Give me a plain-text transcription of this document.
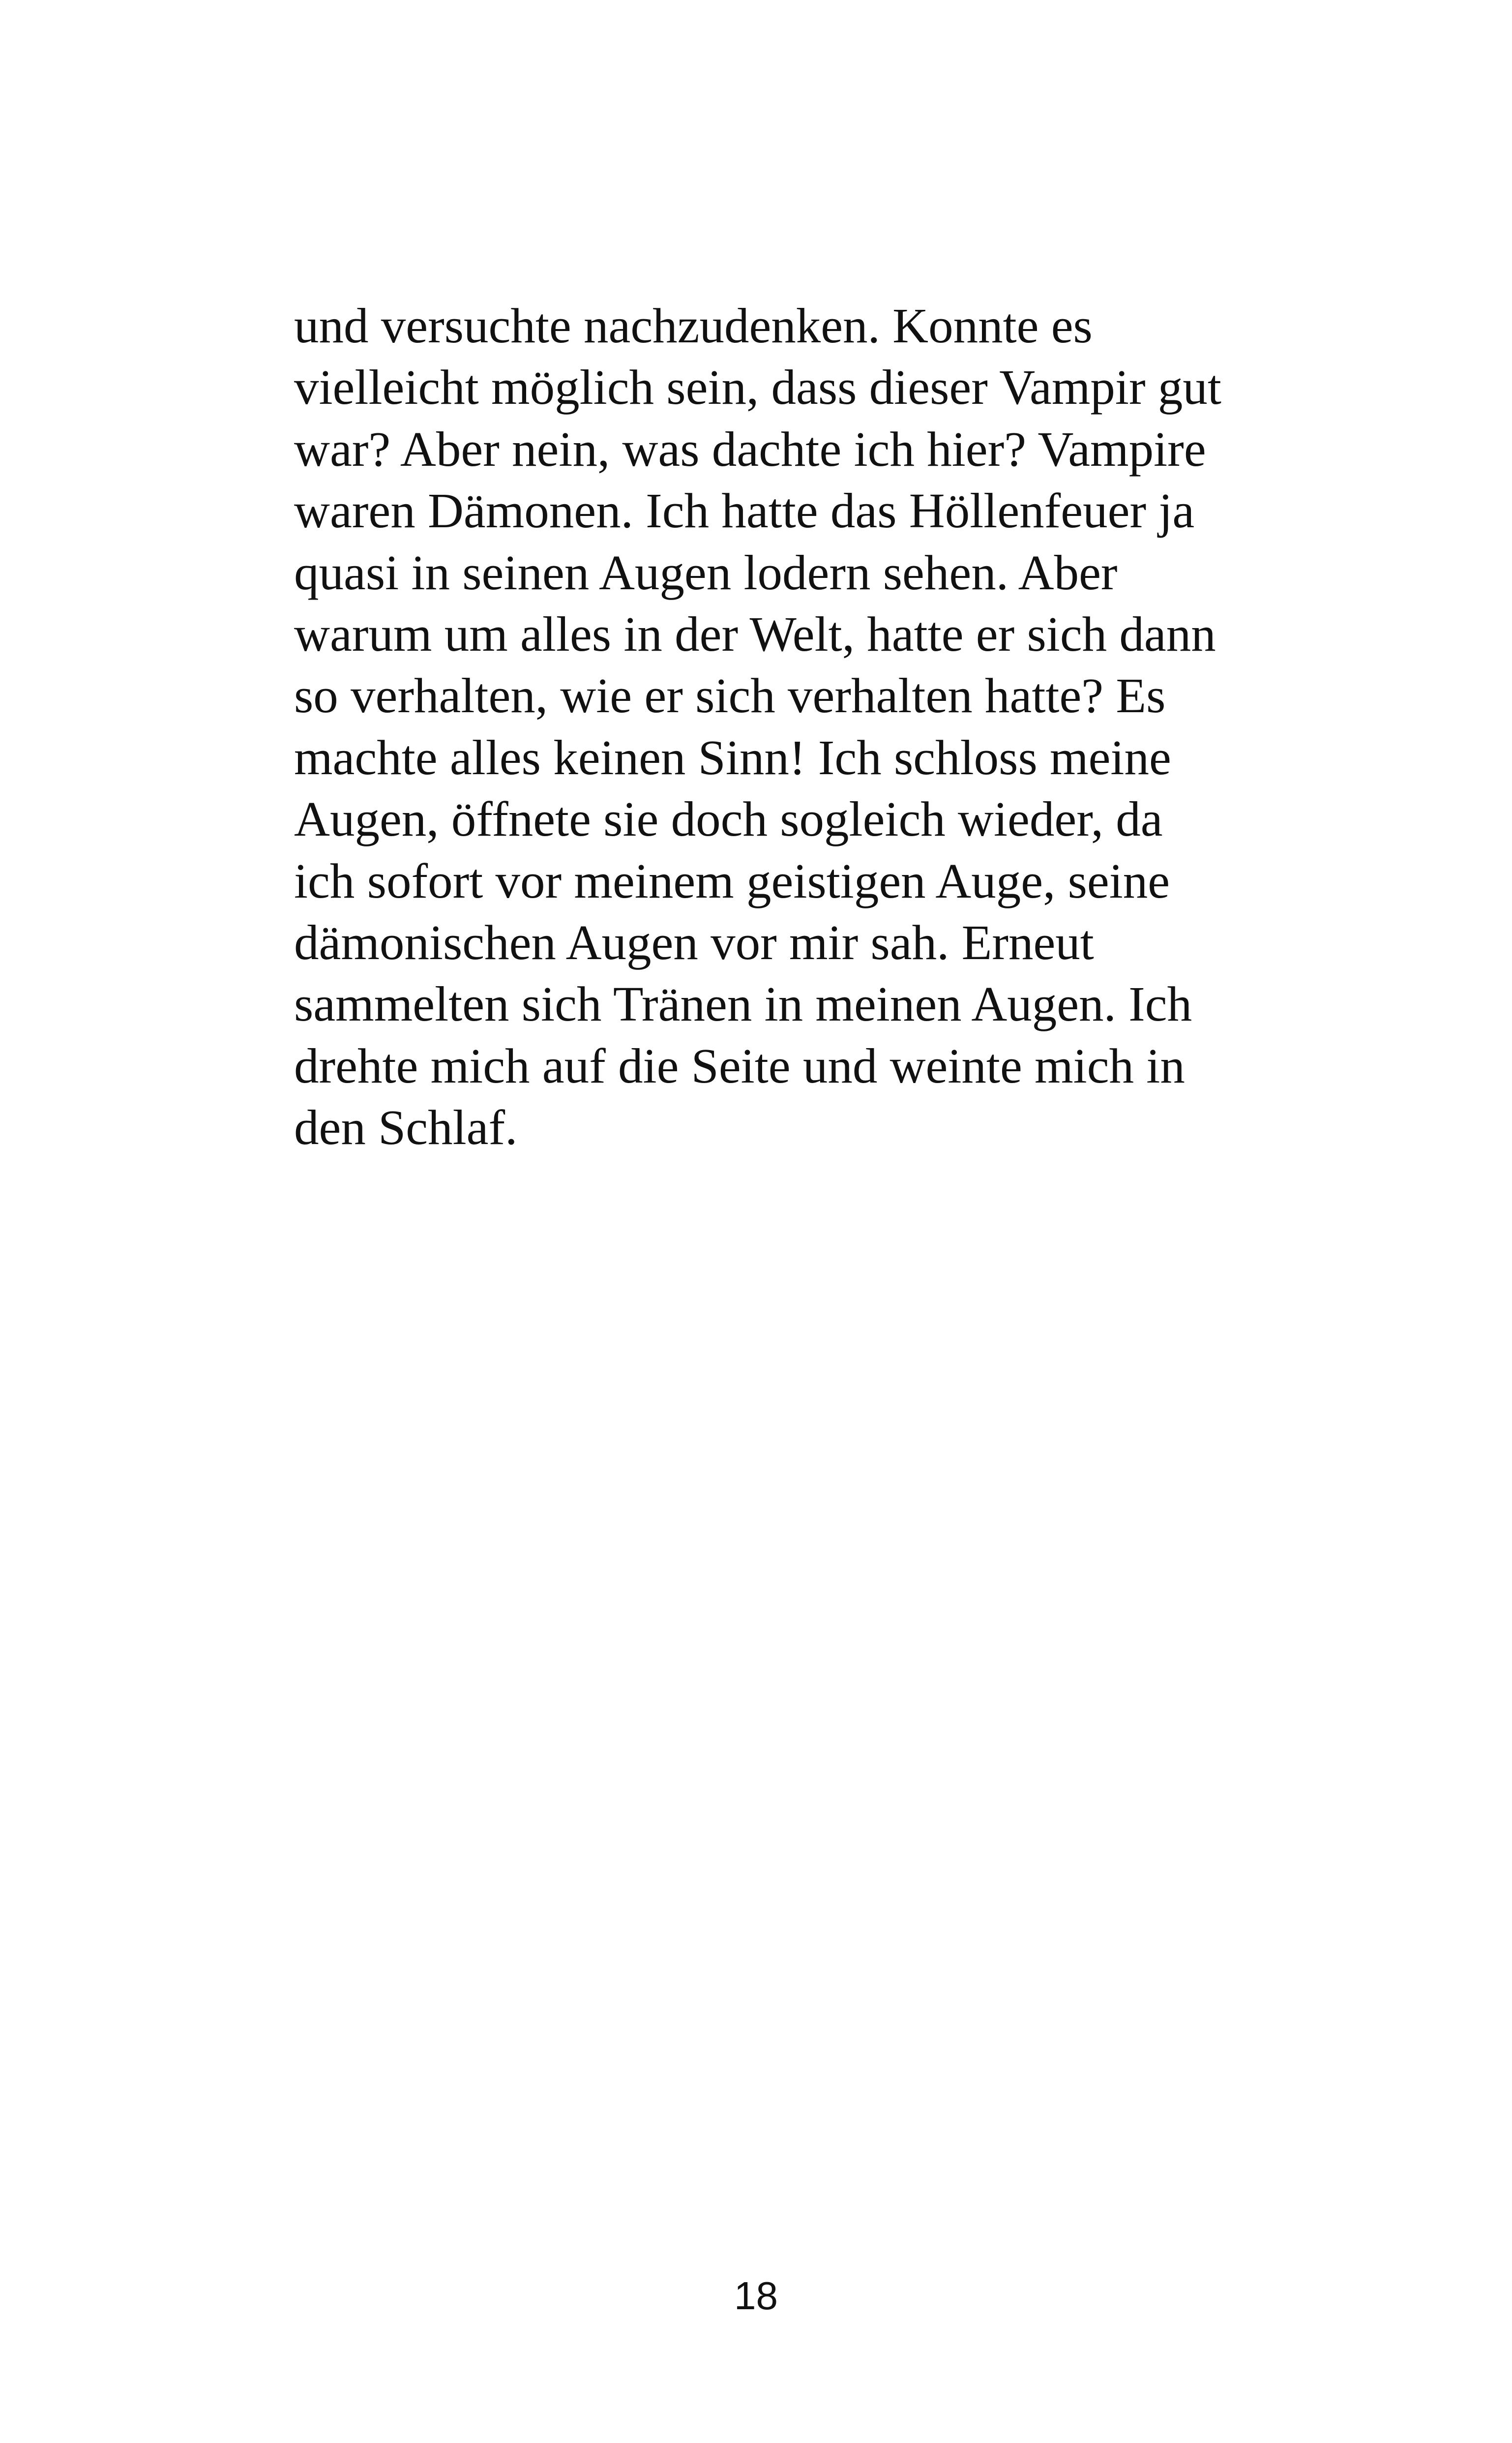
und versuchte nachzudenken. Konnte es
vielleicht möglich sein, dass dieser Vampir gut
war? Aber nein, was dachte ich hier? Vampire
waren Dämonen. Ich hatte das Höllenfeuer ja
quasi in seinen Augen lodern sehen. Aber
warum um alles in der Welt, hatte er sich dann
so verhalten, wie er sich verhalten hatte? Es
machte alles keinen Sinn! Ich schloss meine
Augen, öffnete sie doch sogleich wieder, da
ich sofort vor meinem geistigen Auge, seine
dämonischen Augen vor mir sah. Erneut
sammelten sich Tränen in meinen Augen. Ich
drehte mich auf die Seite und weinte mich in
den Schlaf.
18
